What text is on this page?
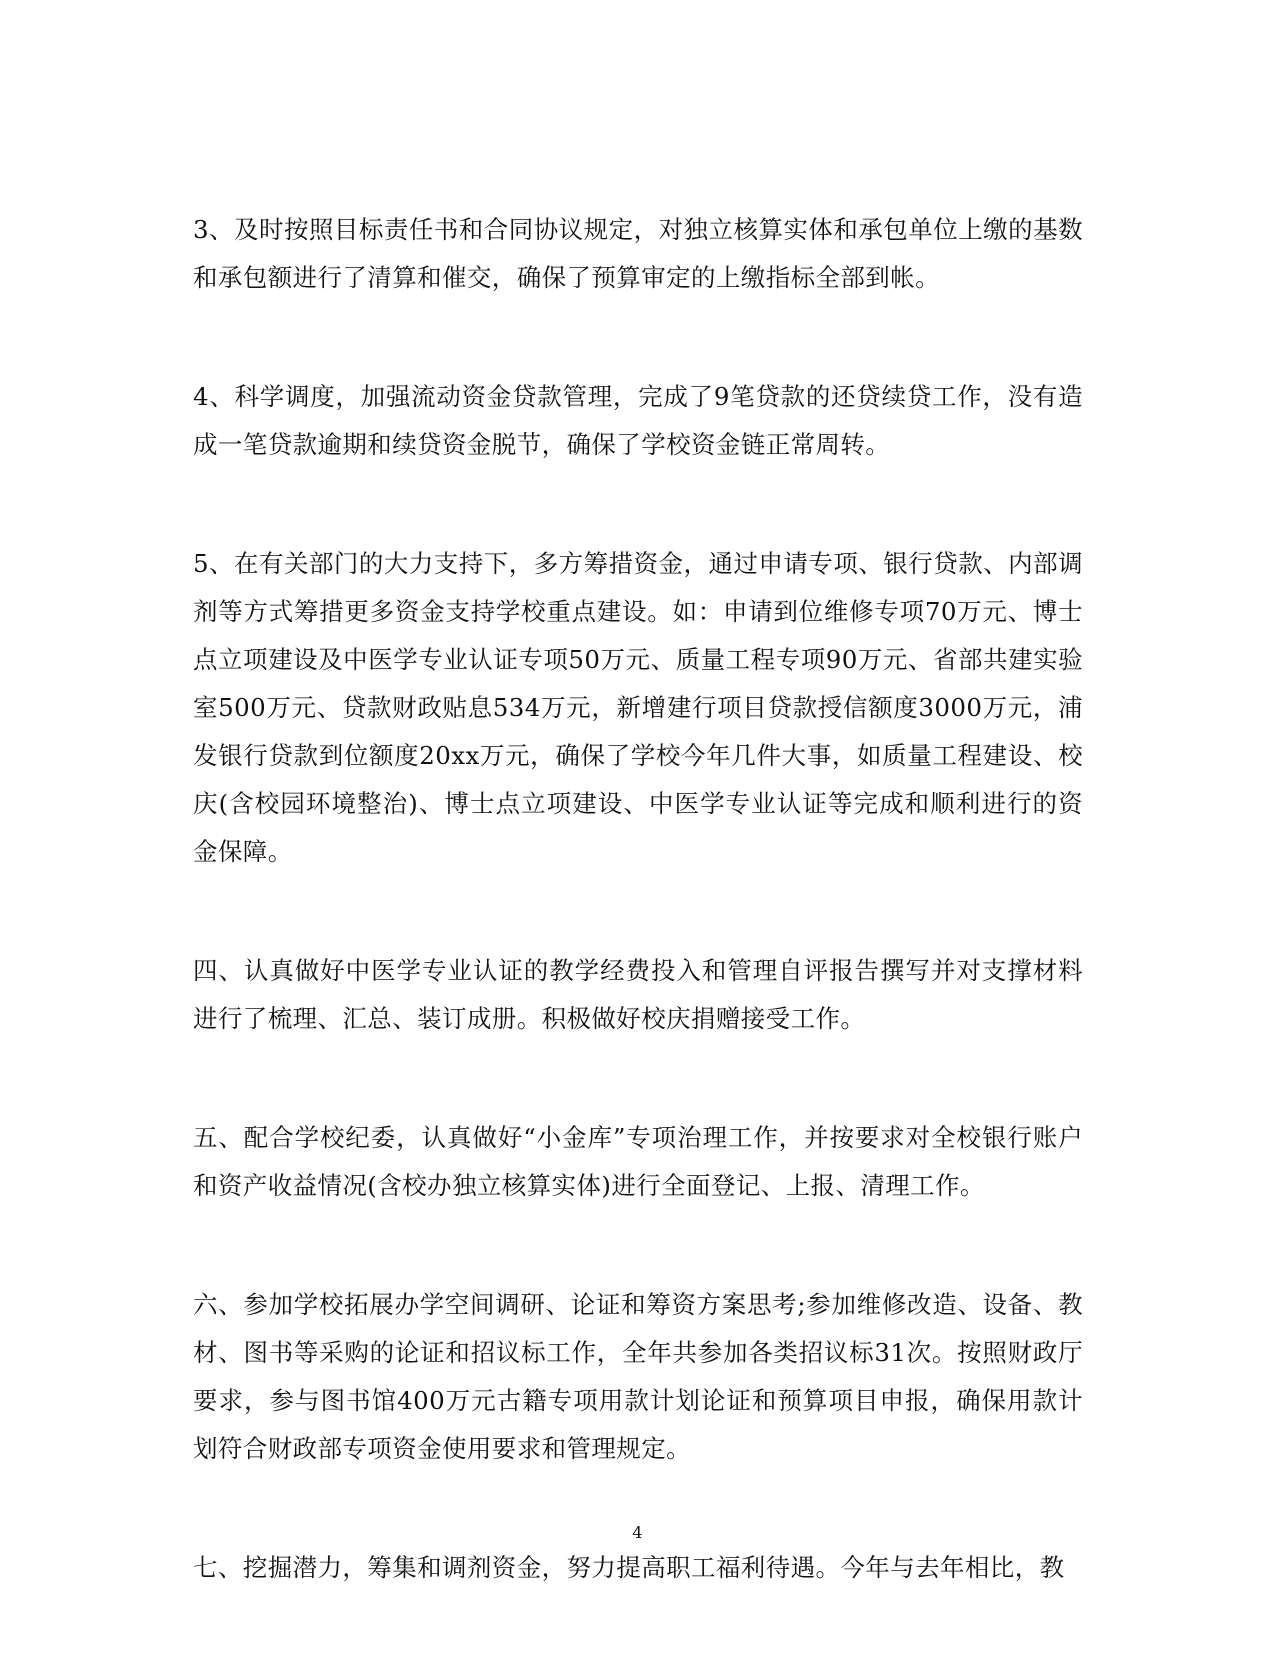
3、及时按照目标责任书和合同协议规定，对独立核算实体和承包单位上缴的基数和承包额进行了清算和催交，确保了预算审定的上缴指标全部到帐。

4、科学调度，加强流动资金贷款管理，完成了9笔贷款的还贷续贷工作，没有造成一笔贷款逾期和续贷资金脱节，确保了学校资金链正常周转。

5、在有关部门的大力支持下，多方筹措资金，通过申请专项、银行贷款、内部调剂等方式筹措更多资金支持学校重点建设。如：申请到位维修专项70万元、博士点立项建设及中医学专业认证专项50万元、质量工程专项90万元、省部共建实验室500万元、贷款财政贴息534万元，新增建行项目贷款授信额度3000万元，浦发银行贷款到位额度20xx万元，确保了学校今年几件大事，如质量工程建设、校庆(含校园环境整治)、博士点立项建设、中医学专业认证等完成和顺利进行的资金保障。

四、认真做好中医学专业认证的教学经费投入和管理自评报告撰写并对支撑材料进行了梳理、汇总、装订成册。积极做好校庆捐赠接受工作。

五、配合学校纪委，认真做好“小金库”专项治理工作，并按要求对全校银行账户和资产收益情况(含校办独立核算实体)进行全面登记、上报、清理工作。

六、参加学校拓展办学空间调研、论证和筹资方案思考;参加维修改造、设备、教材、图书等采购的论证和招议标工作，全年共参加各类招议标31次。按照财政厅要求，参与图书馆400万元古籍专项用款计划论证和预算项目申报，确保用款计划符合财政部专项资金使用要求和管理规定。

七、挖掘潜力，筹集和调剂资金，努力提高职工福利待遇。今年与去年相比，教

4
